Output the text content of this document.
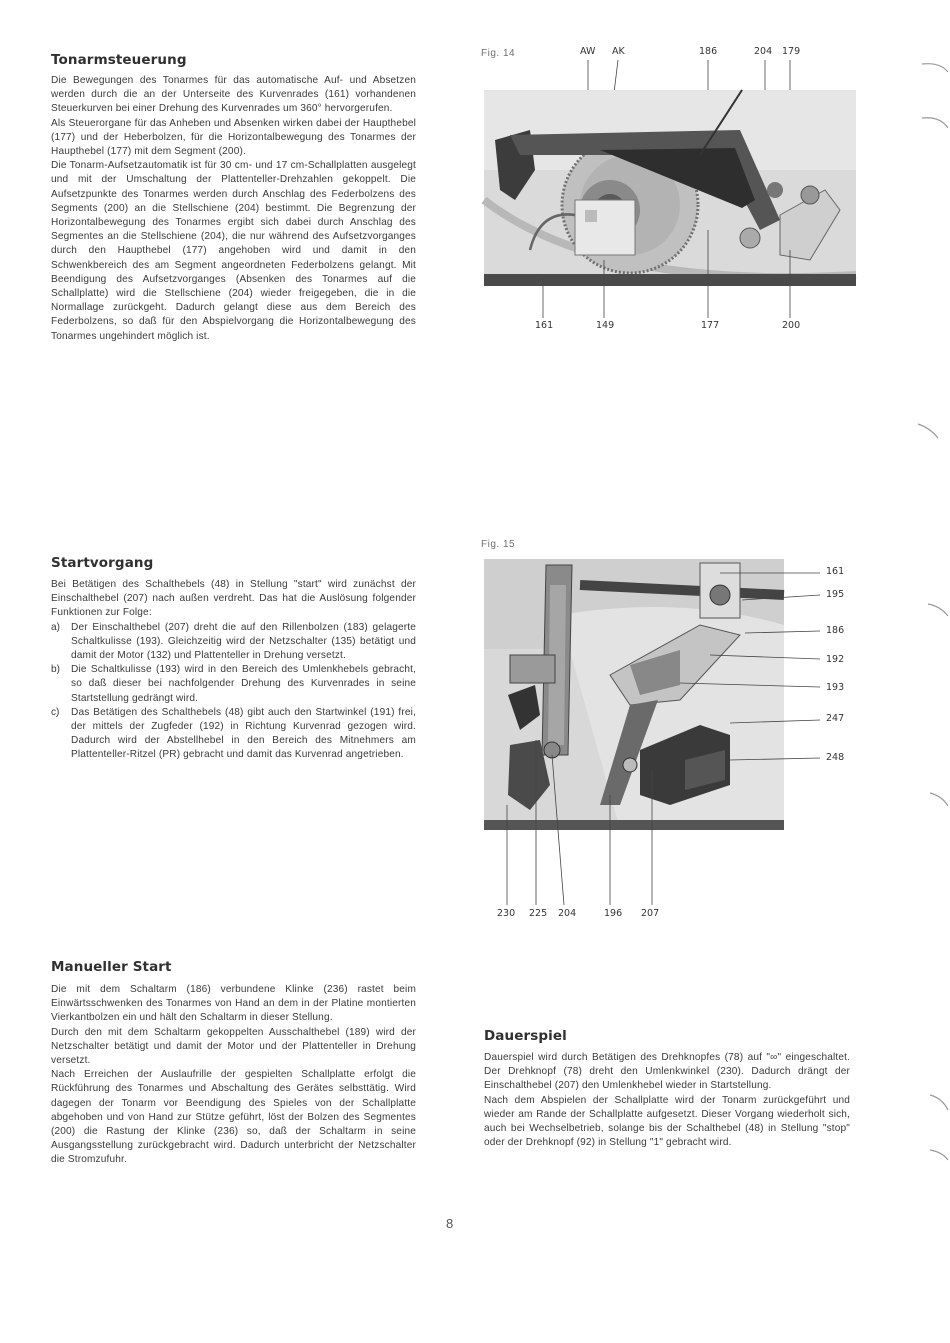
Tonarmsteuerung

Die Bewegungen des Tonarmes für das automatische Auf- und Absetzen werden durch die an der Unterseite des Kurvenrades (161) vorhandenen Steuerkurven bei einer Drehung des Kurvenrades um 360° hervorgerufen.

Als Steuerorgane für das Anheben und Absenken wirken dabei der Haupthebel (177) und der Heberbolzen, für die Horizontalbewegung des Tonarmes der Haupthebel (177) mit dem Segment (200).

Die Tonarm-Aufsetzautomatik ist für 30 cm- und 17 cm-Schallplatten ausgelegt und mit der Umschaltung der Plattenteller-Drehzahlen gekoppelt. Die Aufsetzpunkte des Tonarmes werden durch Anschlag des Federbolzens des Segments (200) an die Stellschiene (204) bestimmt. Die Begrenzung der Horizontalbewegung des Tonarmes ergibt sich dabei durch Anschlag des Segmentes an die Stellschiene (204), die nur während des Aufsetzvorganges durch den Haupthebel (177) angehoben wird und damit in den Schwenkbereich des am Segment angeordneten Federbolzens gelangt. Mit Beendigung des Aufsetzvorganges (Absenken des Tonarmes auf die Schallplatte) wird die Stellschiene (204) wieder freigegeben, die in die Normallage zurückgeht. Dadurch gelangt diese aus dem Bereich des Federbolzens, so daß für den Abspielvorgang die Horizontalbewegung des Tonarmes ungehindert möglich ist.

Startvorgang

Bei Betätigen des Schalthebels (48) in Stellung "start" wird zunächst der Einschalthebel (207) nach außen verdreht. Das hat die Auslösung folgender Funktionen zur Folge:

a) Der Einschalthebel (207) dreht die auf den Rillenbolzen (183) gelagerte Schaltkulisse (193). Gleichzeitig wird der Netzschalter (135) betätigt und damit der Motor (132) und Plattenteller in Drehung versetzt.

b) Die Schaltkulisse (193) wird in den Bereich des Umlenkhebels gebracht, so daß dieser bei nachfolgender Drehung des Kurvenrades in seine Startstellung gedrängt wird.

c) Das Betätigen des Schalthebels (48) gibt auch den Startwinkel (191) frei, der mittels der Zugfeder (192) in Richtung Kurvenrad gezogen wird. Dadurch wird der Abstellhebel in den Bereich des Mitnehmers am Plattenteller-Ritzel (PR) gebracht und damit das Kurvenrad angetrieben.

Manueller Start

Die mit dem Schaltarm (186) verbundene Klinke (236) rastet beim Einwärtsschwenken des Tonarmes von Hand an dem in der Platine montierten Vierkantbolzen ein und hält den Schaltarm in dieser Stellung.

Durch den mit dem Schaltarm gekoppelten Ausschalthebel (189) wird der Netzschalter betätigt und damit der Motor und der Plattenteller in Drehung versetzt.

Nach Erreichen der Auslaufrille der gespielten Schallplatte erfolgt die Rückführung des Tonarmes und Abschaltung des Gerätes selbsttätig. Wird dagegen der Tonarm vor Beendigung des Spieles von der Schallplatte abgehoben und von Hand zur Stütze geführt, löst der Bolzen des Segmentes (200) die Rastung der Klinke (236) so, daß der Schaltarm in seine Ausgangsstellung zurückgebracht wird. Dadurch unterbricht der Netzschalter die Stromzufuhr.

Fig. 14	AW AK	186	204 179
161	149	177	200
Fig. 15
161
195
186
192
193
247
248
230 225 204	196 207
Dauerspiel

Dauerspiel wird durch Betätigen des Drehknopfes (78) auf "∞" eingeschaltet. Der Drehknopf (78) dreht den Umlenkwinkel (230). Dadurch drängt der Einschalthebel (207) den Umlenkhebel wieder in Startstellung.

Nach dem Abspielen der Schallplatte wird der Tonarm zurückgeführt und wieder am Rande der Schallplatte aufgesetzt. Dieser Vorgang wiederholt sich, auch bei Wechselbetrieb, solange bis der Schalthebel (48) in Stellung "stop" oder der Drehknopf (92) in Stellung "1" gebracht wird.

8
